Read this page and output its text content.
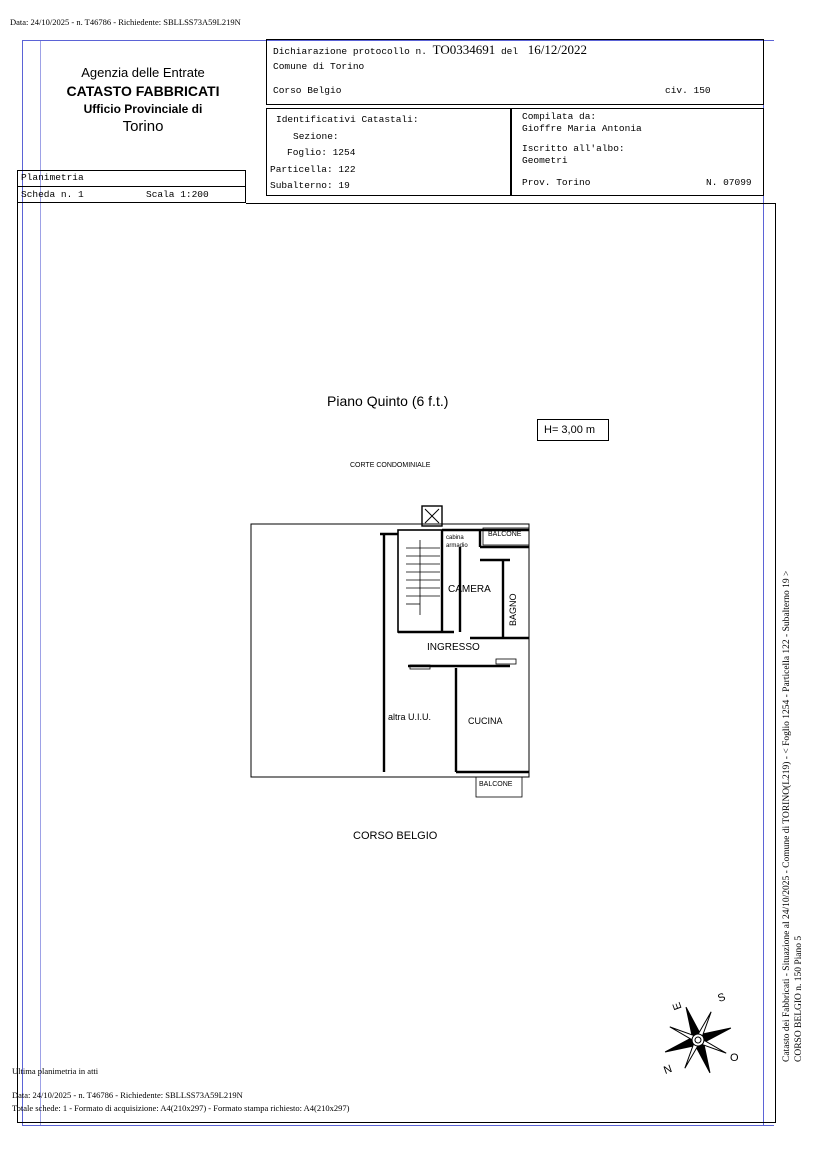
Data: 24/10/2025 - n. T46786 - Richiedente: SBLLSS73A59L219N
Agenzia delle Entrate
CATASTO FABBRICATI
Ufficio Provinciale di
Torino
Planimetria
Scheda n. 1	Scala 1:200
Dichiarazione protocollo n. TO0334691 del 16/12/2022
Comune di Torino
Corso Belgio	civ. 150
Identificativi Catastali:
Sezione:
Foglio: 1254
Particella: 122
Subalterno: 19
Compilata da:
Gioffre Maria Antonia
Iscritto all'albo:
Geometri
Prov. Torino	N. 07099
Piano Quinto (6 f.t.)
H= 3,00 m
CORTE CONDOMINIALE
BALCONE
cabina
armadio
CAMERA
BAGNO
INGRESSO
altra U.I.U.	CUCINA
BALCONE
CORSO BELGIO
N
S
E
O	Catasto dei Fabbricati - Situazione al 24/10/2025 - Comune di TORINO(L219) - < Foglio 1254 - Particella 122 - Subalterno 19 > CORSO BELGIO n. 150 Piano 5
Ultima planimetria in atti
Data: 24/10/2025 - n. T46786 - Richiedente: SBLLSS73A59L219N
Totale schede: 1 - Formato di acquisizione: A4(210x297) - Formato stampa richiesto: A4(210x297)
